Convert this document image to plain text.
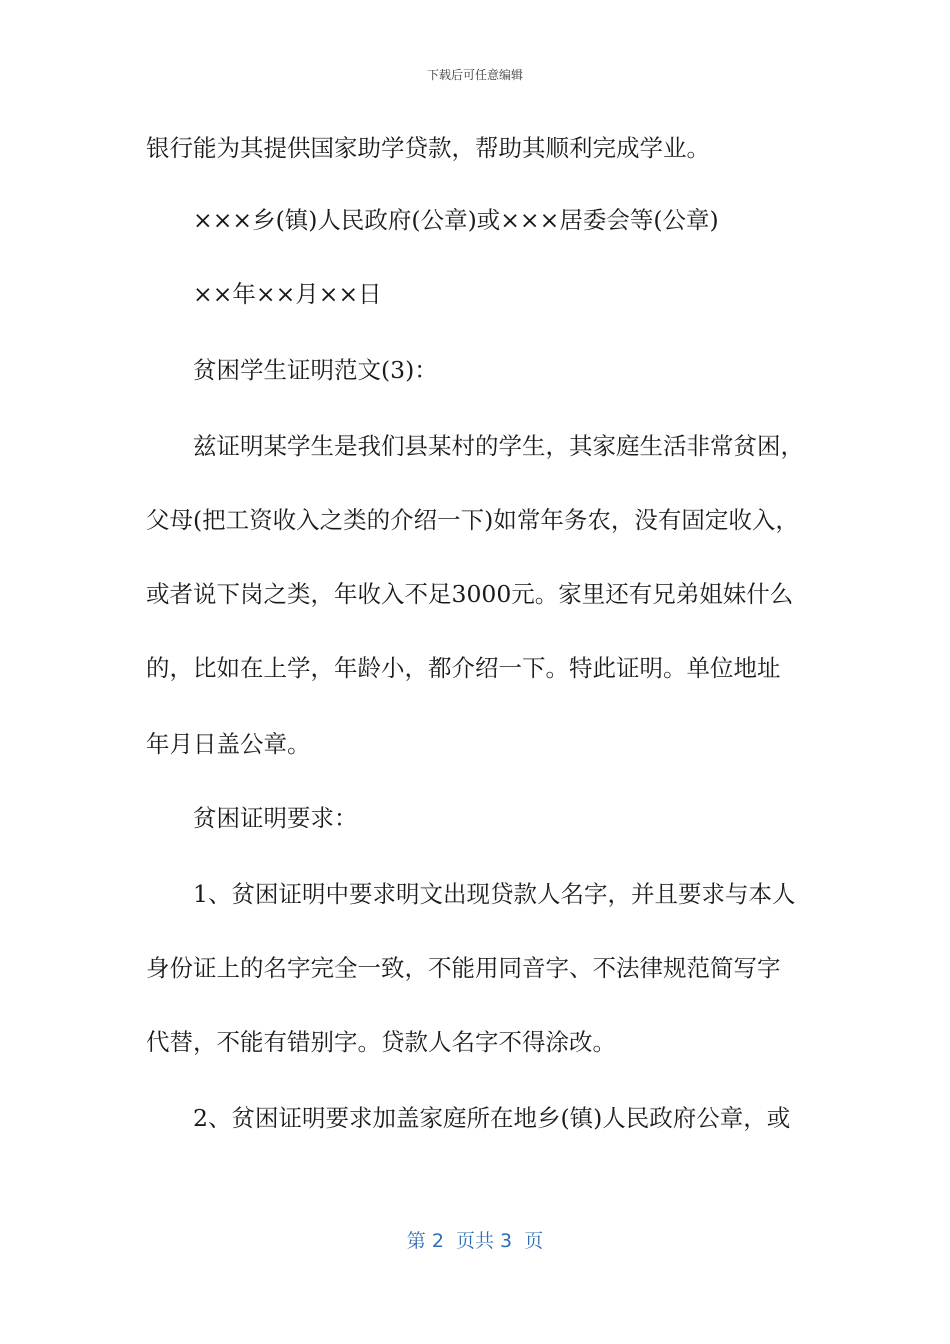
下载后可任意编辑
银行能为其提供国家助学贷款，帮助其顺利完成学业。
×××乡(镇)人民政府(公章)或×××居委会等(公章)
××年××月××日
贫困学生证明范文(3)：
兹证明某学生是我们县某村的学生，其家庭生活非常贫困，
父母(把工资收入之类的介绍一下)如常年务农，没有固定收入，
或者说下岗之类，年收入不足3000元。家里还有兄弟姐妹什么
的，比如在上学，年龄小，都介绍一下。特此证明。单位地址
年月日盖公章。
贫困证明要求：
1、贫困证明中要求明文出现贷款人名字，并且要求与本人
身份证上的名字完全一致，不能用同音字、不法律规范简写字
代替，不能有错别字。贷款人名字不得涂改。
2、贫困证明要求加盖家庭所在地乡(镇)人民政府公章，或
第 2  页共 3  页
